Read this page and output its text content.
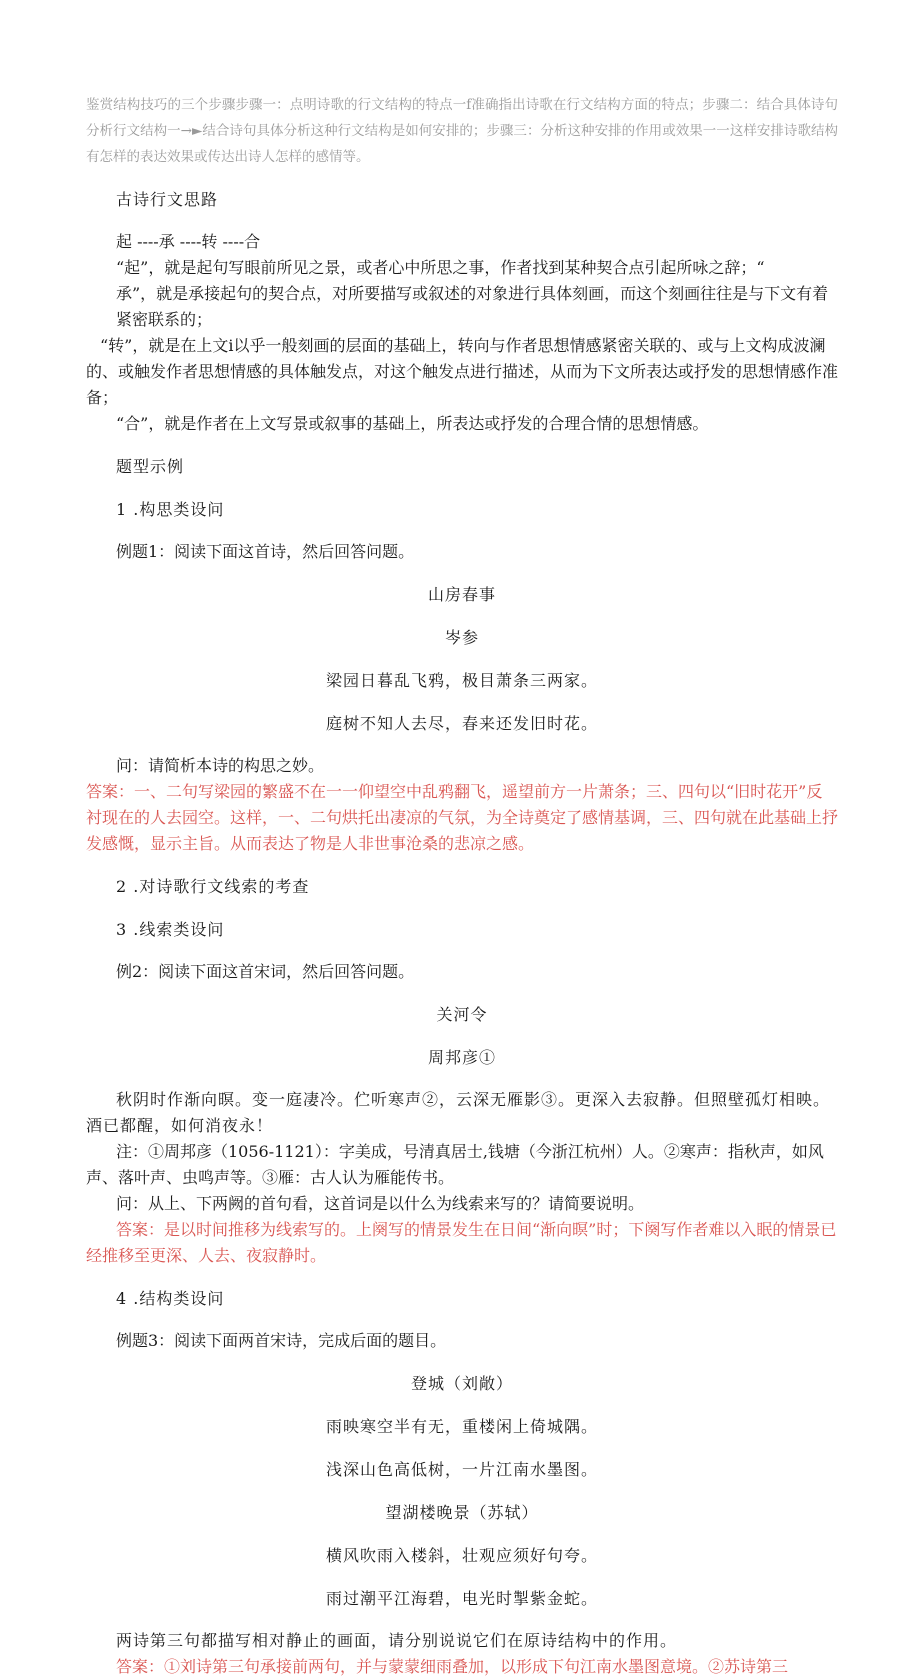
鉴赏结构技巧的三个步骤步骤一：点明诗歌的行文结构的特点一f准确指出诗歌在行文结构方面的特点；步骤二：结合具体诗句分析行文结构一→►结合诗句具体分析这种行文结构是如何安排的；步骤三：分析这种安排的作用或效果一一这样安排诗歌结构有怎样的表达效果或传达出诗人怎样的感情等。

古诗行文思路

起 ----承 ----转 ----合

“起”，就是起句写眼前所见之景，或者心中所思之事，作者找到某种契合点引起所咏之辞；“

承”，就是承接起句的契合点，对所要描写或叙述的对象进行具体刻画，而这个刻画往往是与下文有着紧密联系的；

“转”，就是在上文i以乎一般刻画的层面的基础上，转向与作者思想情感紧密关联的、或与上文构成波澜的、或触发作者思想情感的具体触发点，对这个触发点进行描述，从而为下文所表达或抒发的思想情感作准备；

“合”，就是作者在上文写景或叙事的基础上，所表达或抒发的合理合情的思想情感。

题型示例

1 .构思类设问

例题1：阅读下面这首诗，然后回答问题。

山房春事

岑参

梁园日暮乱飞鸦，极目萧条三两家。

庭树不知人去尽，春来还发旧时花。

问：请简析本诗的构思之妙。

答案：一、二句写梁园的繁盛不在一一仰望空中乱鸦翻飞，遥望前方一片萧条；三、四句以“旧时花开”反衬现在的人去园空。这样，一、二句烘托出凄凉的气氛，为全诗奠定了感情基调，三、四句就在此基础上抒发感慨，显示主旨。从而表达了物是人非世事沧桑的悲凉之感。

2 .对诗歌行文线索的考查

3 .线索类设问

例2：阅读下面这首宋词，然后回答问题。

关河令

周邦彦①

秋阴时作渐向暝。变一庭凄冷。伫听寒声②，云深无雁影③。更深入去寂静。但照壁孤灯相映。酒已都醒，如何消夜永！

注：①周邦彦（1056-1121）：字美成，号清真居士,钱塘（今浙江杭州）人。②寒声：指秋声，如风声、落叶声、虫鸣声等。③雁：古人认为雁能传书。

问：从上、下两阙的首句看，这首词是以什么为线索来写的？请简要说明。

答案：是以时间推移为线索写的。上阕写的情景发生在日间“渐向暝”时；下阕写作者难以入眠的情景已经推移至更深、人去、夜寂静时。

4 .结构类设问

例题3：阅读下面两首宋诗，完成后面的题目。

登城（刘敞）

雨映寒空半有无，重楼闲上倚城隅。

浅深山色高低树，一片江南水墨图。

望湖楼晚景（苏轼）

横风吹雨入楼斜，壮观应须好句夸。

雨过潮平江海碧，电光时掣紫金蛇。

两诗第三句都描写相对静止的画面，请分别说说它们在原诗结构中的作用。

答案：①刘诗第三句承接前两句，并与蒙蒙细雨叠加，以形成下句江南水墨图意境。②苏诗第三
